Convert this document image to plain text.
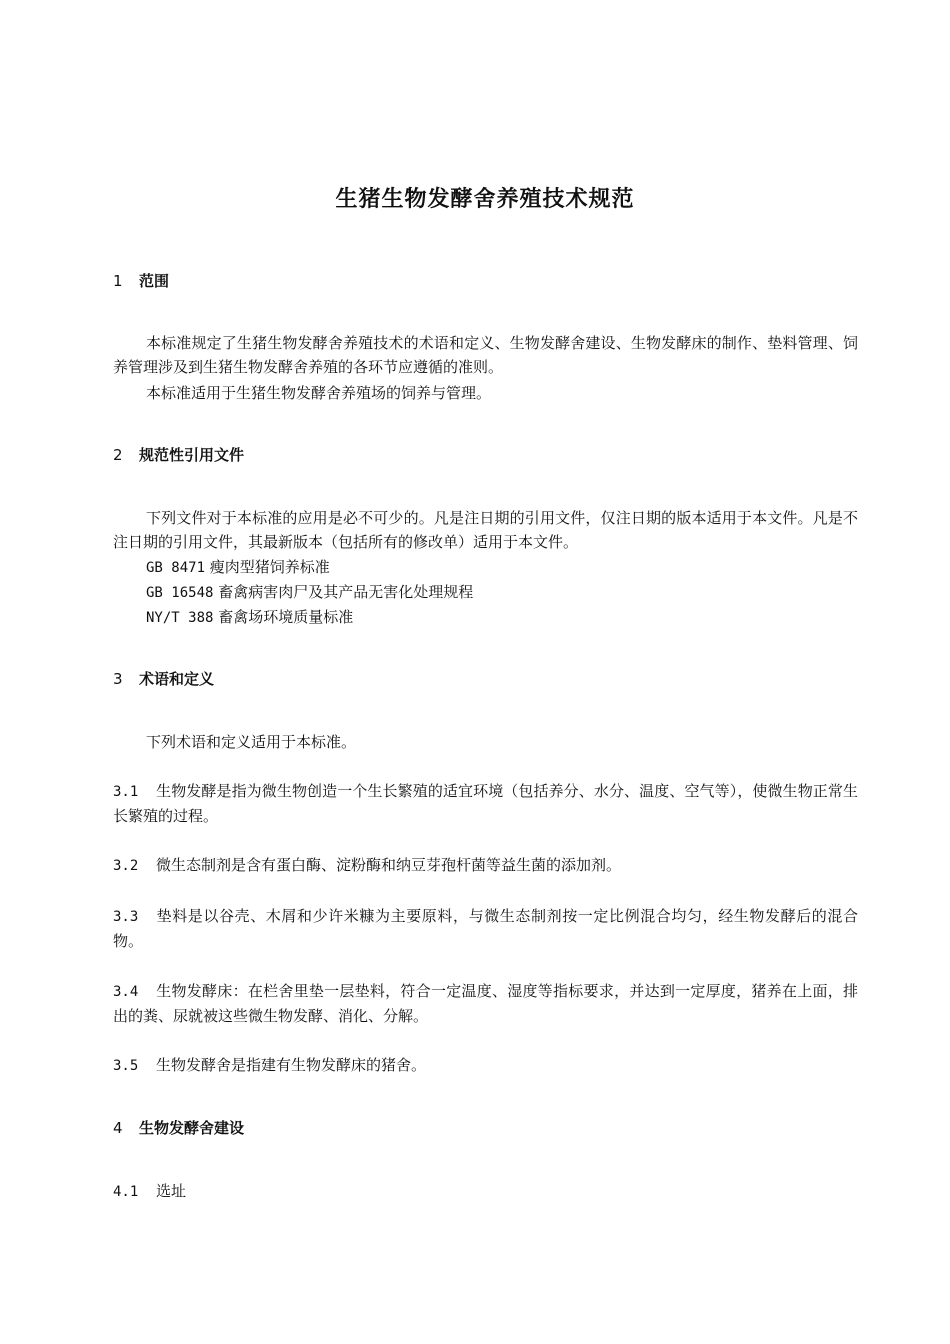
生猪生物发酵舍养殖技术规范
1 范围
本标准规定了生猪生物发酵舍养殖技术的术语和定义、生物发酵舍建设、生物发酵床的制作、垫料管理、饲养管理涉及到生猪生物发酵舍养殖的各环节应遵循的准则。
本标准适用于生猪生物发酵舍养殖场的饲养与管理。
2 规范性引用文件
下列文件对于本标准的应用是必不可少的。凡是注日期的引用文件，仅注日期的版本适用于本文件。凡是不注日期的引用文件，其最新版本（包括所有的修改单）适用于本文件。
GB 8471 瘦肉型猪饲养标准
GB 16548 畜禽病害肉尸及其产品无害化处理规程
NY/T 388 畜禽场环境质量标准
3 术语和定义
下列术语和定义适用于本标准。
3.1 生物发酵是指为微生物创造一个生长繁殖的适宜环境（包括养分、水分、温度、空气等），使微生物正常生长繁殖的过程。
3.2 微生态制剂是含有蛋白酶、淀粉酶和纳豆芽孢杆菌等益生菌的添加剂。
3.3 垫料是以谷壳、木屑和少许米糠为主要原料，与微生态制剂按一定比例混合均匀，经生物发酵后的混合物。
3.4 生物发酵床：在栏舍里垫一层垫料，符合一定温度、湿度等指标要求，并达到一定厚度，猪养在上面，排出的粪、尿就被这些微生物发酵、消化、分解。
3.5 生物发酵舍是指建有生物发酵床的猪舍。
4 生物发酵舍建设
4.1 选址
